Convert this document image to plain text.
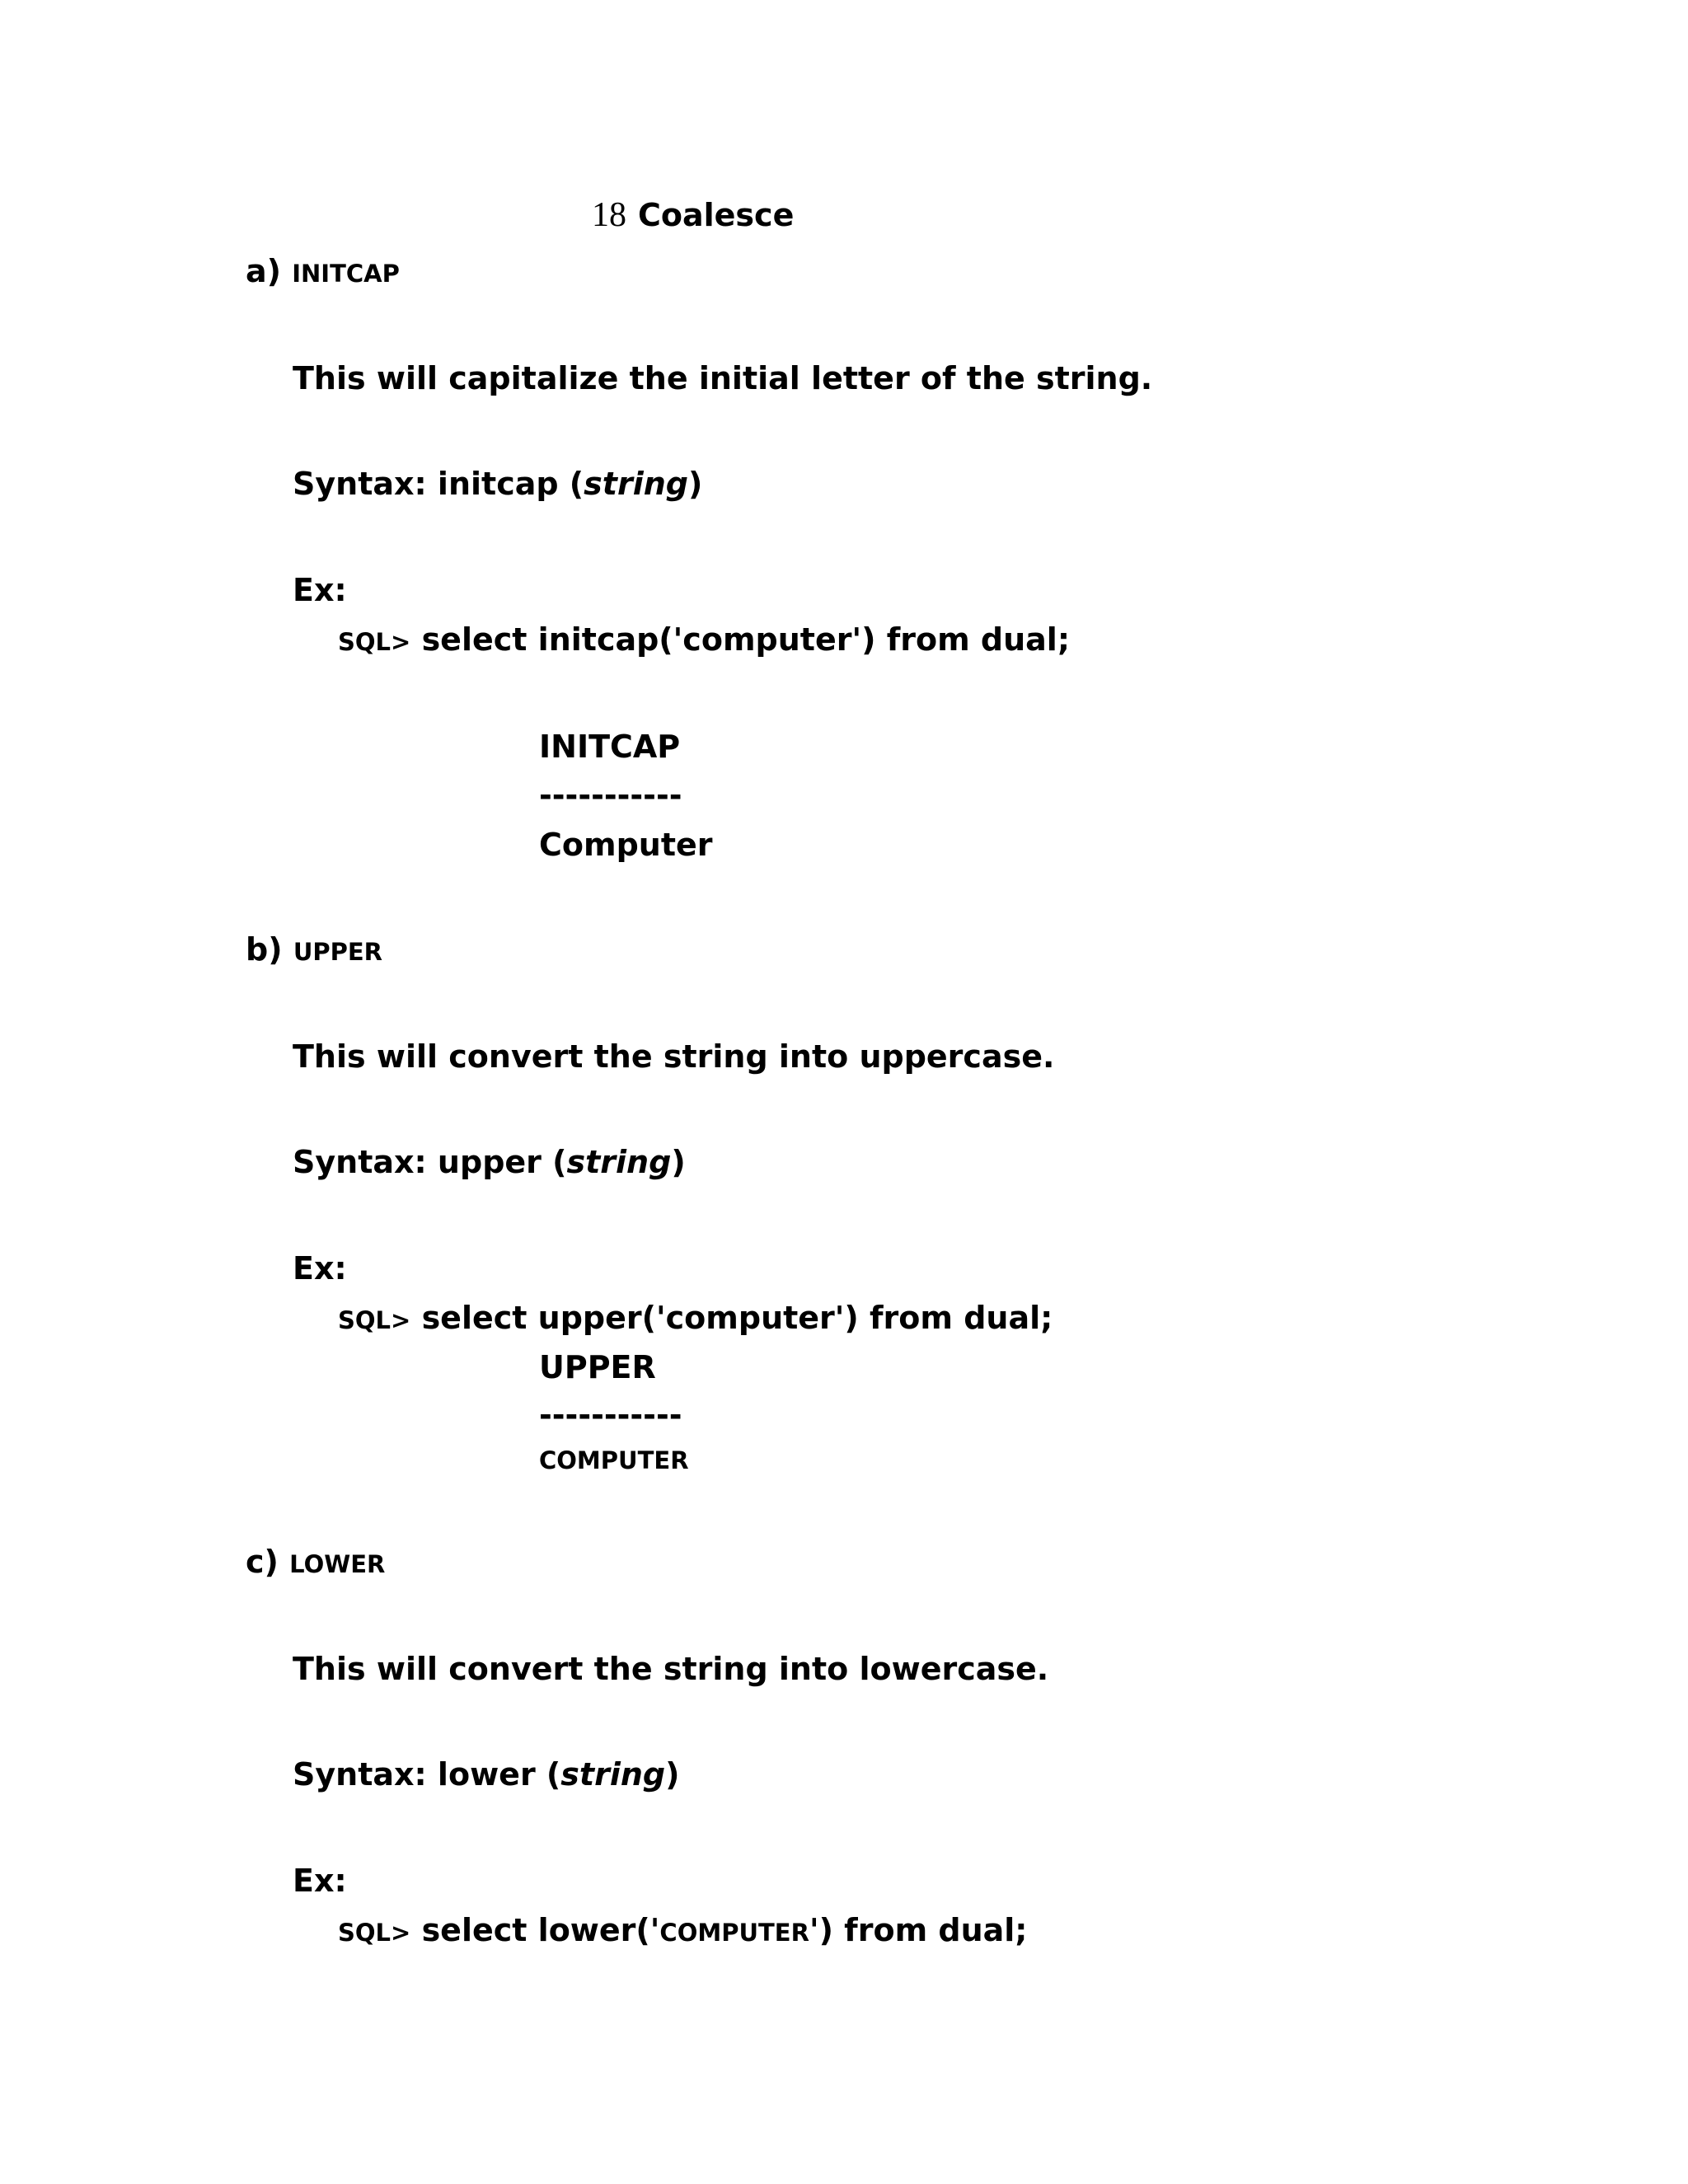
18 Coalesce
a) INITCAP
This will capitalize the initial letter of the string.
Syntax: initcap (string)
Ex:
SQL> select initcap('computer') from dual;
INITCAP
-----------
Computer
b) UPPER
This will convert the string into uppercase.
Syntax: upper (string)
Ex:
SQL> select upper('computer') from dual;
UPPER
-----------
COMPUTER
c) LOWER
This will convert the string into lowercase.
Syntax: lower (string)
Ex:
SQL> select lower('COMPUTER') from dual;
